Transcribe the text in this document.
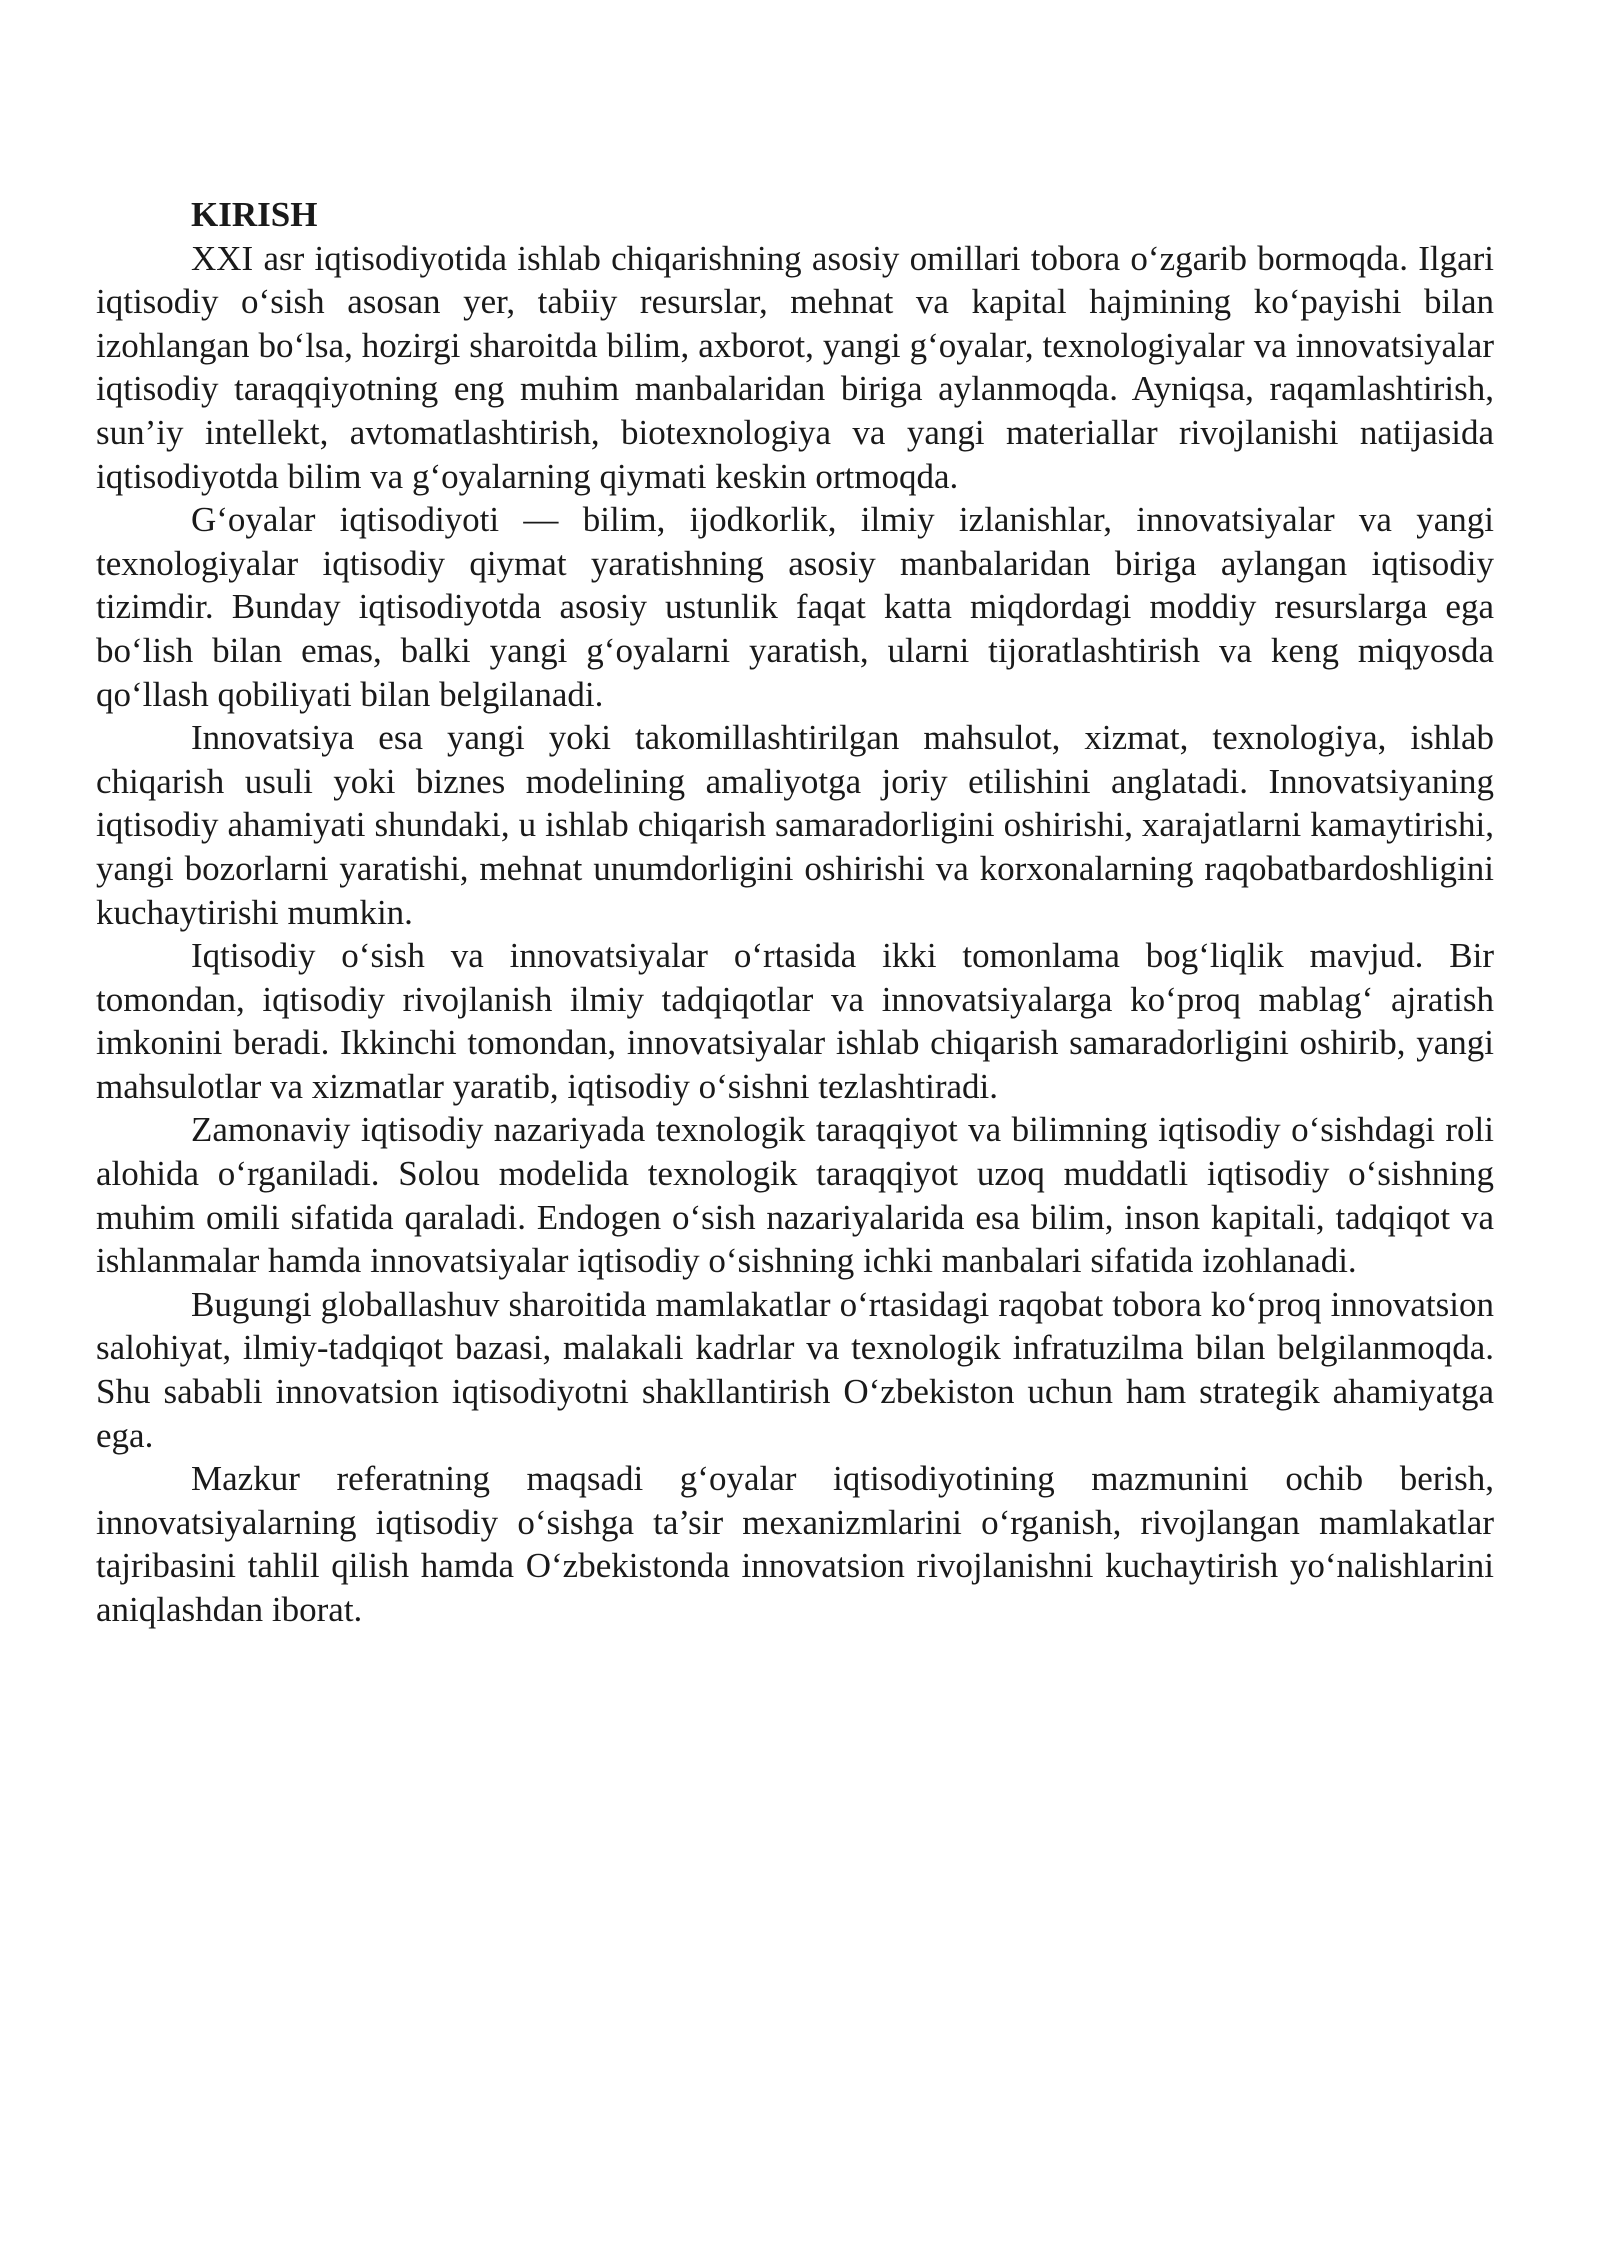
KIRISH

XXI asr iqtisodiyotida ishlab chiqarishning asosiy omillari tobora oʻzgarib bormoqda. Ilgari iqtisodiy oʻsish asosan yer, tabiiy resurslar, mehnat va kapital hajmining koʻpayishi bilan izohlangan boʻlsa, hozirgi sharoitda bilim, axborot, yangi gʻoyalar, texnologiyalar va innovatsiyalar iqtisodiy taraqqiyotning eng muhim manbalaridan biriga aylanmoqda. Ayniqsa, raqamlashtirish, sun’iy intellekt, avtomatlashtirish, biotexnologiya va yangi materiallar rivojlanishi natijasida iqtisodiyotda bilim va gʻoyalarning qiymati keskin ortmoqda.

Gʻoyalar iqtisodiyoti — bilim, ijodkorlik, ilmiy izlanishlar, innovatsiyalar va yangi texnologiyalar iqtisodiy qiymat yaratishning asosiy manbalaridan biriga aylangan iqtisodiy tizimdir. Bunday iqtisodiyotda asosiy ustunlik faqat katta miqdordagi moddiy resurslarga ega boʻlish bilan emas, balki yangi gʻoyalarni yaratish, ularni tijoratlashtirish va keng miqyosda qoʻllash qobiliyati bilan belgilanadi.

Innovatsiya esa yangi yoki takomillashtirilgan mahsulot, xizmat, texnologiya, ishlab chiqarish usuli yoki biznes modelining amaliyotga joriy etilishini anglatadi. Innovatsiyaning iqtisodiy ahamiyati shundaki, u ishlab chiqarish samaradorligini oshirishi, xarajatlarni kamaytirishi, yangi bozorlarni yaratishi, mehnat unumdorligini oshirishi va korxonalarning raqobatbardoshligini kuchaytirishi mumkin.

Iqtisodiy oʻsish va innovatsiyalar oʻrtasida ikki tomonlama bogʻliqlik mavjud. Bir tomondan, iqtisodiy rivojlanish ilmiy tadqiqotlar va innovatsiyalarga koʻproq mablagʻ ajratish imkonini beradi. Ikkinchi tomondan, innovatsiyalar ishlab chiqarish samaradorligini oshirib, yangi mahsulotlar va xizmatlar yaratib, iqtisodiy oʻsishni tezlashtiradi.

Zamonaviy iqtisodiy nazariyada texnologik taraqqiyot va bilimning iqtisodiy oʻsishdagi roli alohida oʻrganiladi. Solou modelida texnologik taraqqiyot uzoq muddatli iqtisodiy oʻsishning muhim omili sifatida qaraladi. Endogen oʻsish nazariyalarida esa bilim, inson kapitali, tadqiqot va ishlanmalar hamda innovatsiyalar iqtisodiy oʻsishning ichki manbalari sifatida izohlanadi.

Bugungi globallashuv sharoitida mamlakatlar oʻrtasidagi raqobat tobora koʻproq innovatsion salohiyat, ilmiy-tadqiqot bazasi, malakali kadrlar va texnologik infratuzilma bilan belgilanmoqda. Shu sababli innovatsion iqtisodiyotni shakllantirish Oʻzbekiston uchun ham strategik ahamiyatga ega.

Mazkur referatning maqsadi gʻoyalar iqtisodiyotining mazmunini ochib berish, innovatsiyalarning iqtisodiy oʻsishga ta’sir mexanizmlarini oʻrganish, rivojlangan mamlakatlar tajribasini tahlil qilish hamda Oʻzbekistonda innovatsion rivojlanishni kuchaytirish yoʻnalishlarini aniqlashdan iborat.
